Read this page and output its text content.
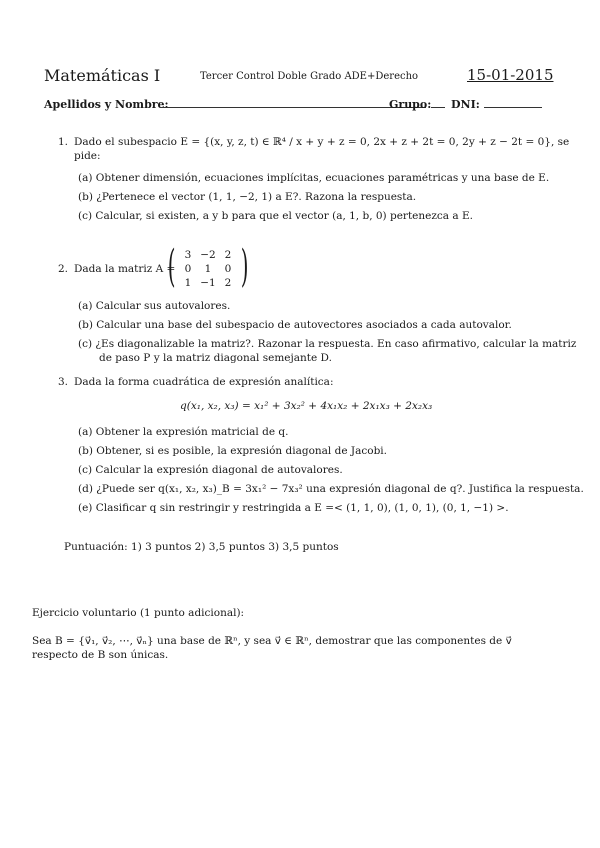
Matemáticas I	Tercer Control Doble Grado ADE+Derecho	15-01-2015
Apellidos y Nombre:	Grupo: DNI:
1. Dado el subespacio E = {(x, y, z, t) ∈ ℝ⁴ / x + y + z = 0, 2x + z + 2t = 0, 2y + z − 2t = 0}, se
pide:
(a) Obtener dimensión, ecuaciones implícitas, ecuaciones paramétricas y una base de E.
(b) ¿Pertenece el vector (1, 1, −2, 1) a E?. Razona la respuesta.
(c) Calcular, si existen, a y b para que el vector (a, 1, b, 0) pertenezca a E.
2. Dada la matriz A =
( )
3 −2 2
0	1	0
1 −1 2
(a) Calcular sus autovalores.
(b) Calcular una base del subespacio de autovectores asociados a cada autovalor.
(c) ¿Es diagonalizable la matriz?. Razonar la respuesta. En caso afirmativo, calcular la matriz
de paso P y la matriz diagonal semejante D.
3. Dada la forma cuadrática de expresión analítica:
q(x₁, x₂, x₃) = x₁² + 3x₂² + 4x₁x₂ + 2x₁x₃ + 2x₂x₃
(a) Obtener la expresión matricial de q.
(b) Obtener, si es posible, la expresión diagonal de Jacobi.
(c) Calcular la expresión diagonal de autovalores.
(d) ¿Puede ser q(x₁, x₂, x₃)_B = 3x₁² − 7x₃² una expresión diagonal de q?. Justifica la respuesta.
(e) Clasificar q sin restringir y restringida a E =< (1, 1, 0), (1, 0, 1), (0, 1, −1) >.
Puntuación: 1) 3 puntos 2) 3,5 puntos 3) 3,5 puntos
Ejercicio voluntario (1 punto adicional):
Sea B = {v⃗₁, v⃗₂, ⋯, v⃗ₙ} una base de ℝⁿ, y sea v⃗ ∈ ℝⁿ, demostrar que las componentes de v⃗
respecto de B son únicas.
